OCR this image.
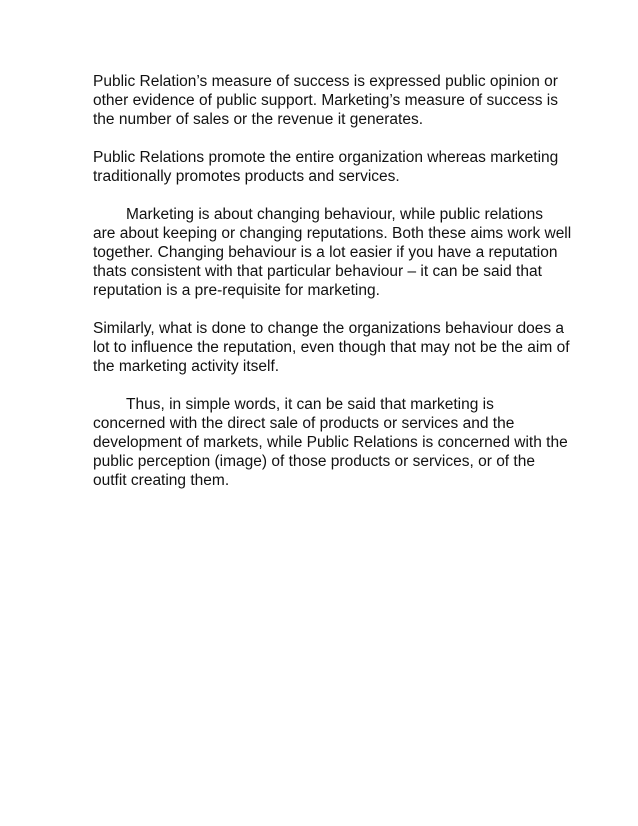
Public Relation’s measure of success is expressed public opinion or
other evidence of public support. Marketing’s measure of success is
the number of sales or the revenue it generates.

Public Relations promote the entire organization whereas marketing
traditionally promotes products and services.

Marketing is about changing behaviour, while public relations
are about keeping or changing reputations. Both these aims work well
together. Changing behaviour is a lot easier if you have a reputation
thats consistent with that particular behaviour – it can be said that
reputation is a pre-requisite for marketing.

Similarly, what is done to change the organizations behaviour does a
lot to influence the reputation, even though that may not be the aim of
the marketing activity itself.

Thus, in simple words, it can be said that marketing is
concerned with the direct sale of products or services and the
development of markets, while Public Relations is concerned with the
public perception (image) of those products or services, or of the
outfit creating them.
